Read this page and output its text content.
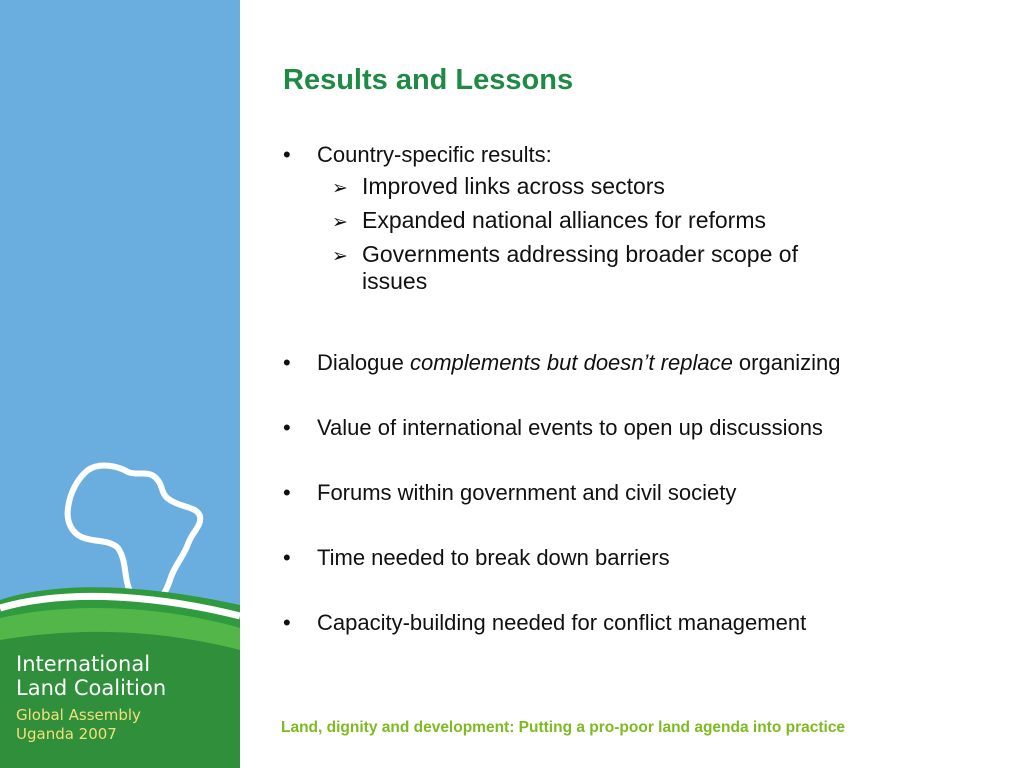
International
Land Coalition
Global Assembly
Uganda 2007
Results and Lessons
• Country-specific results:
➢ Improved links across sectors
➢ Expanded national alliances for reforms
➢ Governments addressing broader scope of
issues
• Dialogue complements but doesn’t replace organizing
• Value of international events to open up discussions
• Forums within government and civil society
• Time needed to break down barriers
• Capacity-building needed for conflict management
Land, dignity and development: Putting a pro-poor land agenda into practice
